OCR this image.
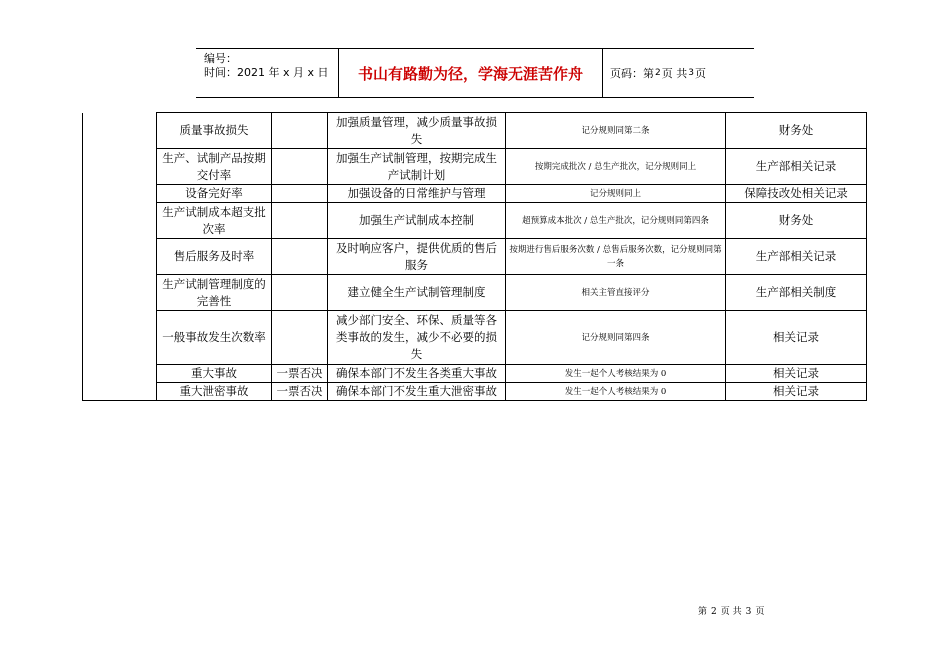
编号：
时间：2021 年 x 月 x 日	书山有路勤为径，学海无涯苦作舟	页码：第 2 页 共 3 页
	质量事故损失		加强质量管理，减少质量事故损失	记分规则同第二条	财务处
	生产、试制产品按期交付率		加强生产试制管理，按期完成生产试制计划	按期完成批次 / 总生产批次，记分规则同上	生产部相关记录
	设备完好率		加强设备的日常维护与管理	记分规则同上	保障技改处相关记录
	生产试制成本超支批次率		加强生产试制成本控制	超预算成本批次 / 总生产批次，记分规则同第四条	财务处
	售后服务及时率		及时响应客户，提供优质的售后服务	按期进行售后服务次数 / 总售后服务次数，记分规则同第一条	生产部相关记录
	生产试制管理制度的完善性		建立健全生产试制管理制度	相关主管直接评分	生产部相关制度
	一般事故发生次数率		减少部门安全、环保、质量等各类事故的发生，减少不必要的损失	记分规则同第四条	相关记录
	重大事故	一票否决	确保本部门不发生各类重大事故	发生一起个人考核结果为 0	相关记录
	重大泄密事故	一票否决	确保本部门不发生重大泄密事故	发生一起个人考核结果为 0	相关记录
第 2 页 共 3 页
